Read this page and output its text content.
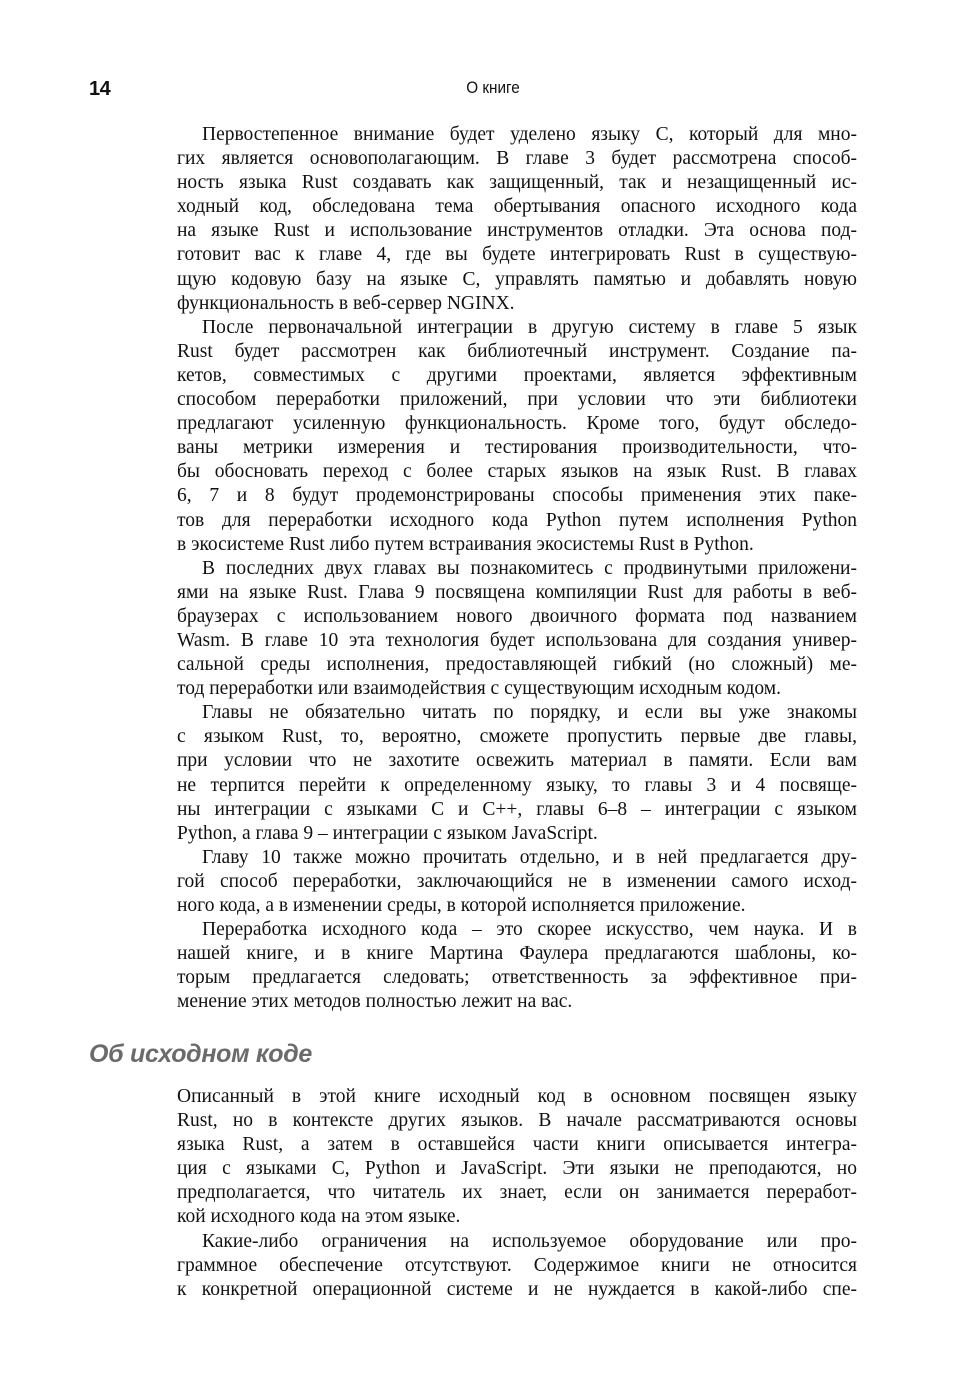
14	О книге
Первостепенное внимание будет уделено языку C, который для мно-
гих является основополагающим. В главе 3 будет рассмотрена способ-
ность языка Rust создавать как защищенный, так и незащищенный ис-
ходный код, обследована тема обертывания опасного исходного кода
на языке Rust и использование инструментов отладки. Эта основа под-
готовит вас к главе 4, где вы будете интегрировать Rust в существую-
щую кодовую базу на языке C, управлять памятью и добавлять новую
функциональность в веб-сервер NGINX.
После первоначальной интеграции в другую систему в главе 5 язык
Rust будет рассмотрен как библиотечный инструмент. Создание па-
кетов, совместимых с другими проектами, является эффективным
способом переработки приложений, при условии что эти библиотеки
предлагают усиленную функциональность. Кроме того, будут обследо-
ваны метрики измерения и тестирования производительности, что-
бы обосновать переход с более старых языков на язык Rust. В главах
6, 7 и 8 будут продемонстрированы способы применения этих паке-
тов для переработки исходного кода Python путем исполнения Python
в экосистеме Rust либо путем встраивания экосистемы Rust в Python.
В последних двух главах вы познакомитесь с продвинутыми приложени-
ями на языке Rust. Глава 9 посвящена компиляции Rust для работы в веб-
браузерах с использованием нового двоичного формата под названием
Wasm. В главе 10 эта технология будет использована для создания универ-
сальной среды исполнения, предоставляющей гибкий (но сложный) ме-
тод переработки или взаимодействия с существующим исходным кодом.
Главы не обязательно читать по порядку, и если вы уже знакомы
с языком Rust, то, вероятно, сможете пропустить первые две главы,
при условии что не захотите освежить материал в памяти. Если вам
не терпится перейти к определенному языку, то главы 3 и 4 посвяще-
ны интеграции с языками C и C++, главы 6–8 – интеграции с языком
Python, а глава 9 – интеграции с языком JavaScript.
Главу 10 также можно прочитать отдельно, и в ней предлагается дру-
гой способ переработки, заключающийся не в изменении самого исход-
ного кода, а в изменении среды, в которой исполняется приложение.
Переработка исходного кода – это скорее искусство, чем наука. И в
нашей книге, и в книге Мартина Фаулера предлагаются шаблоны, ко-
торым предлагается следовать; ответственность за эффективное при-
менение этих методов полностью лежит на вас.
Об исходном коде
Описанный в этой книге исходный код в основном посвящен языку
Rust, но в контексте других языков. В начале рассматриваются основы
языка Rust, а затем в оставшейся части книги описывается интегра-
ция с языками C, Python и JavaScript. Эти языки не преподаются, но
предполагается, что читатель их знает, если он занимается переработ-
кой исходного кода на этом языке.
Какие-либо ограничения на используемое оборудование или про-
граммное обеспечение отсутствуют. Содержимое книги не относится
к конкретной операционной системе и не нуждается в какой-либо спе-
